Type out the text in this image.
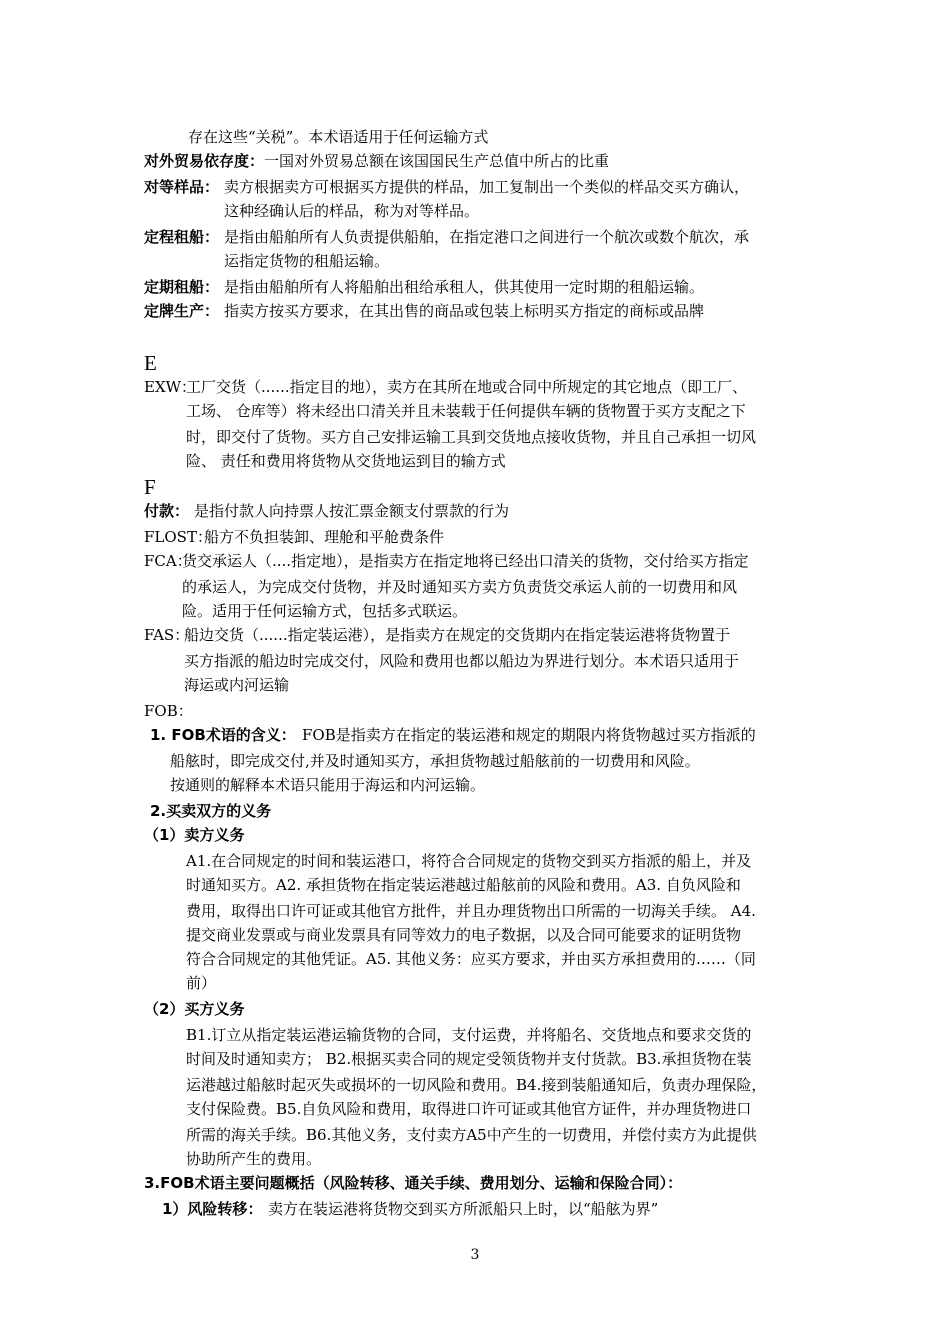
存在这些“关税”。本术语适用于任何运输方式
对外贸易依存度： 一国对外贸易总额在该国国民生产总值中所占的比重
对等样品： 卖方根据卖方可根据买方提供的样品，加工复制出一个类似的样品交买方确认，
这种经确认后的样品，称为对等样品。
定程租船： 是指由船舶所有人负责提供船舶，在指定港口之间进行一个航次或数个航次，承
运指定货物的租船运输。
定期租船： 是指由船舶所有人将船舶出租给承租人，供其使用一定时期的租船运输。
定牌生产： 指卖方按买方要求，在其出售的商品或包装上标明买方指定的商标或品牌
E
EXW：
工厂交货（......指定目的地），卖方在其所在地或合同中所规定的其它地点（即工厂、
工场、 仓库等）将未经出口清关并且未装载于任何提供车辆的货物置于买方支配之下
时，即交付了货物。买方自己安排运输工具到交货地点接收货物，并且自己承担一切风
险、 责任和费用将货物从交货地运到目的输方式
F
付款： 是指付款人向持票人按汇票金额支付票款的行为
FLOST：
船方不负担装卸、理舱和平舱费条件
FCA：
货交承运人（....指定地），是指卖方在指定地将已经出口清关的货物，交付给买方指定
的承运人，为完成交付货物，并及时通知买方卖方负责货交承运人前的一切费用和风
险。适用于任何运输方式，包括多式联运。
FAS：
船边交货（......指定装运港），是指卖方在规定的交货期内在指定装运港将货物置于
买方指派的船边时完成交付，风险和费用也都以船边为界进行划分。本术语只适用于
海运或内河运输
FOB：
1. FOB术语的含义： FOB是指卖方在指定的装运港和规定的期限内将货物越过买方指派的
船舷时，即完成交付,并及时通知买方，承担货物越过船舷前的一切费用和风险。
按通则的解释本术语只能用于海运和内河运输。
2.买卖双方的义务
（1）卖方义务
A1.在合同规定的时间和装运港口，将符合合同规定的货物交到买方指派的船上，并及
时通知买方。A2. 承担货物在指定装运港越过船舷前的风险和费用。A3. 自负风险和
费用，取得出口许可证或其他官方批件，并且办理货物出口所需的一切海关手续。 A4.
提交商业发票或与商业发票具有同等效力的电子数据，以及合同可能要求的证明货物
符合合同规定的其他凭证。A5. 其他义务：应买方要求，并由买方承担费用的……（同
前）
（2）买方义务
B1.订立从指定装运港运输货物的合同，支付运费，并将船名、交货地点和要求交货的
时间及时通知卖方； B2.根据买卖合同的规定受领货物并支付货款。B3.承担货物在装
运港越过船舷时起灭失或损坏的一切风险和费用。B4.接到装船通知后，负责办理保险，
支付保险费。B5.自负风险和费用，取得进口许可证或其他官方证件，并办理货物进口
所需的海关手续。B6.其他义务，支付卖方A5中产生的一切费用，并偿付卖方为此提供
协助所产生的费用。
3.FOB术语主要问题概括（风险转移、通关手续、费用划分、运输和保险合同）：
1）风险转移： 卖方在装运港将货物交到买方所派船只上时，以“船舷为界”
3
